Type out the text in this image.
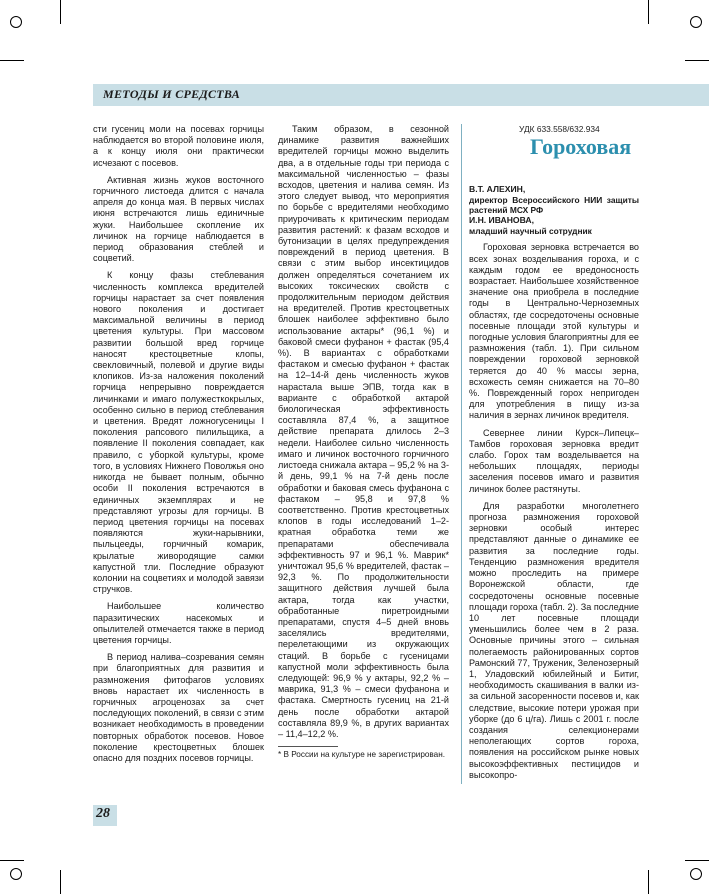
МЕТОДЫ И СРЕДСТВА

сти гусениц моли на посевах горчицы наблюдается во второй половине июля, а к концу июля они практически исчезают с посевов.

Активная жизнь жуков восточного горчичного листоеда длится с начала апреля до конца мая. В первых числах июня встречаются лишь единичные жуки. Наибольшее скопление их личинок на горчице наблюдается в период образования стеблей и соцветий.

К концу фазы стеблевания численность комплекса вредителей горчицы нарастает за счет появления нового поколения и достигает максимальной величины в период цветения культуры. При массовом развитии большой вред горчице наносят крестоцветные клопы, свекловичный, полевой и другие виды клопиков. Из-за наложения поколений горчица непрерывно повреждается личинками и имаго полужесткокрылых, особенно сильно в период стеблевания и цветения. Вредят ложногусеницы I поколения рапсового пилильщика, а появление II поколения совпадает, как правило, с уборкой культуры, кроме того, в условиях Нижнего Поволжья оно никогда не бывает полным, обычно особи II поколения встречаются в единичных экземплярах и не представляют угрозы для горчицы. В период цветения горчицы на посевах появляются жуки-нарывники, пыльцееды, горчичный комарик, крылатые живородящие самки капустной тли. Последние образуют колонии на соцветиях и молодой завязи стручков.

Наибольшее количество паразитических насекомых и опылителей отмечается также в период цветения горчицы.

В период налива–созревания семян при благоприятных для развития и размножения фитофагов условиях вновь нарастает их численность в горчичных агроценозах за счет последующих поколений, в связи с этим возникает необходимость в проведении повторных обработок посевов. Новое поколение крестоцветных блошек опасно для поздних посевов горчицы.

Таким образом, в сезонной динамике развития важнейших вредителей горчицы можно выделить два, а в отдельные годы три периода с максимальной численностью – фазы всходов, цветения и налива семян. Из этого следует вывод, что мероприятия по борьбе с вредителями необходимо приурочивать к критическим периодам развития растений: к фазам всходов и бутонизации в целях предупреждения повреждений в период цветения. В связи с этим выбор инсектицидов должен определяться сочетанием их высоких токсических свойств с продолжительным периодом действия на вредителей. Против крестоцветных блошек наиболее эффективно было использование актары* (96,1 %) и баковой смеси фуфанон + фастак (95,4 %). В вариантах с обработками фастаком и смесью фуфанон + фастак на 12–14-й день численность жуков нарастала выше ЭПВ, тогда как в варианте с обработкой актарой биологическая эффективность составляла 87,4 %, а защитное действие препарата длилось 2–3 недели. Наиболее сильно численность имаго и личинок восточного горчичного листоеда снижала актара – 95,2 % на 3-й день, 99,1 % на 7-й день после обработки и баковая смесь фуфанона с фастаком – 95,8 и 97,8 % соответственно. Против крестоцветных клопов в годы исследований 1–2-кратная обработка теми же препаратами обеспечивала эффективность 97 и 96,1 %. Маврик* уничтожал 95,6 % вредителей, фастак – 92,3 %. По продолжительности защитного действия лучшей была актара, тогда как участки, обработанные пиретроидными препаратами, спустя 4–5 дней вновь заселялись вредителями, перелетающими из окружающих стаций. В борьбе с гусеницами капустной моли эффективность была следующей: 96,9 % у актары, 92,2 % – маврика, 91,3 % – смеси фуфанона и фастака. Смертность гусениц на 21-й день после обработки актарой составляла 89,9 %, в других вариантах – 11,4–12,2 %.

* В России на культуре не зарегистрирован.

УДК 633.558/632.934
Гороховая

В.Т. АЛЕХИН,

директор Всероссийского НИИ защиты растений МСХ РФ

И.Н. ИВАНОВА,

младший научный сотрудник

Гороховая зерновка встречается во всех зонах возделывания гороха, и с каждым годом ее вредоносность возрастает. Наибольшее хозяйственное значение она приобрела в последние годы в Центрально-Черноземных областях, где сосредоточены основные посевные площади этой культуры и погодные условия благоприятны для ее размножения (табл. 1). При сильном повреждении гороховой зерновкой теряется до 40 % массы зерна, всхожесть семян снижается на 70–80 %. Поврежденный горох непригоден для употребления в пищу из-за наличия в зернах личинок вредителя.

Севернее линии Курск–Липецк–Тамбов гороховая зерновка вредит слабо. Горох там возделывается на небольших площадях, периоды заселения посевов имаго и развития личинок более растянуты.

Для разработки многолетнего прогноза размножения гороховой зерновки особый интерес представляют данные о динамике ее развития за последние годы. Тенденцию размножения вредителя можно проследить на примере Воронежской области, где сосредоточены основные посевные площади гороха (табл. 2). За последние 10 лет посевные площади уменьшились более чем в 2 раза. Основные причины этого – сильная полегаемость районированных сортов Рамонский 77, Труженик, Зеленозерный 1, Уладовский юбилейный и Битиг, необходимость скашивания в валки из-за сильной засоренности посевов и, как следствие, высокие потери урожая при уборке (до 6 ц/га). Лишь с 2001 г. после создания селекционерами неполегающих сортов гороха, появления на российском рынке новых высокоэффективных пестицидов и высокопро-

28
